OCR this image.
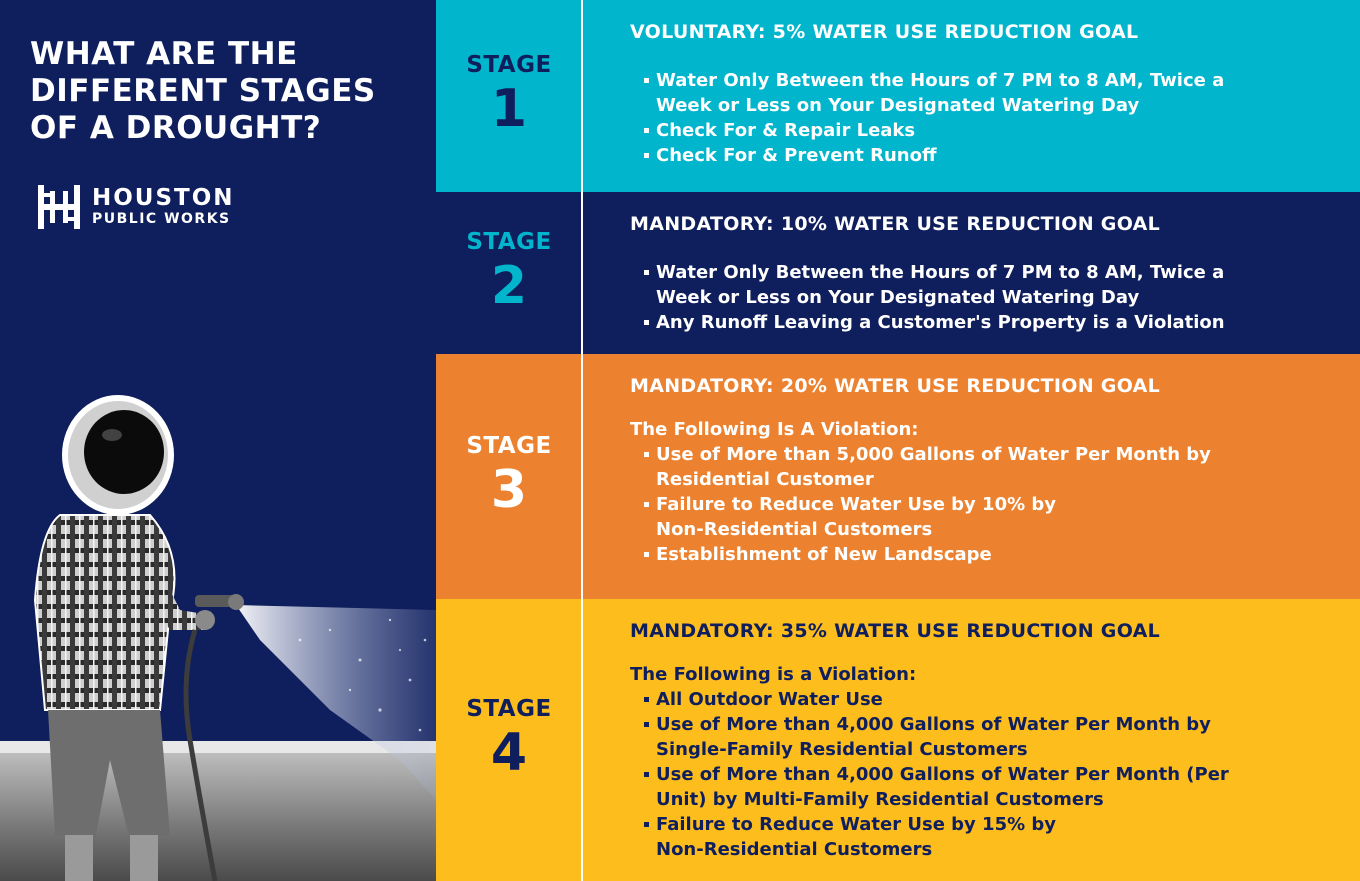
WHAT ARE THE
DIFFERENT STAGES
OF A DROUGHT?
HOUSTON
PUBLIC WORKS
STAGE
1

VOLUNTARY: 5% WATER USE REDUCTION GOAL

Water Only Between the Hours of 7 PM to 8 AM, Twice a Week or Less on Your Designated Watering Day
Check For & Repair Leaks
Check For & Prevent Runoff
STAGE
2

MANDATORY: 10% WATER USE REDUCTION GOAL

Water Only Between the Hours of 7 PM to 8 AM, Twice a Week or Less on Your Designated Watering Day
Any Runoff Leaving a Customer's Property is a Violation
STAGE
3

MANDATORY: 20% WATER USE REDUCTION GOAL

The Following Is A Violation:

Use of More than 5,000 Gallons of Water Per Month by Residential Customer
Failure to Reduce Water Use by 10% by Non-Residential Customers
Establishment of New Landscape
STAGE
4

MANDATORY: 35% WATER USE REDUCTION GOAL

The Following is a Violation:

All Outdoor Water Use
Use of More than 4,000 Gallons of Water Per Month by Single-Family Residential Customers
Use of More than 4,000 Gallons of Water Per Month (Per Unit) by Multi-Family Residential Customers
Failure to Reduce Water Use by 15% by Non-Residential Customers
